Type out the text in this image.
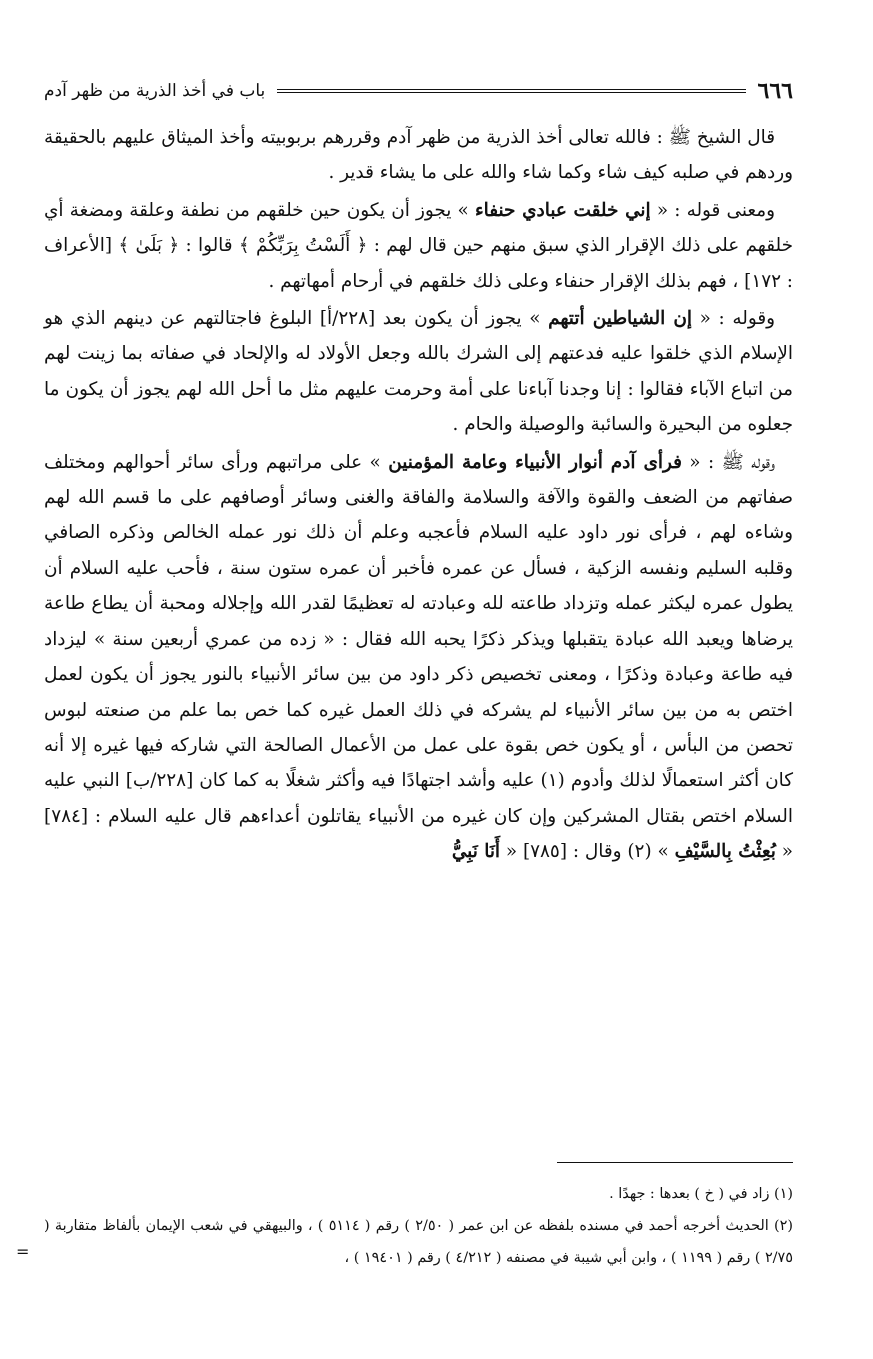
٦٦٦
باب في أخذ الذرية من ظهر آدم

قال الشيخ ﷺ : فالله تعالى أخذ الذرية من ظهر آدم وقررهم بربوبيته وأخذ الميثاق عليهم بالحقيقة وردهم في صلبه كيف شاء وكما شاء والله على ما يشاء قدير .

ومعنى قوله : « إني خلقت عبادي حنفاء » يجوز أن يكون حين خلقهم من نطفة وعلقة ومضغة أي خلقهم على ذلك الإقرار الذي سبق منهم حين قال لهم : ﴿ أَلَسْتُ بِرَبِّكُمْ ﴾ قالوا : ﴿ بَلَىٰ ﴾ [الأعراف : ١٧٢] ، فهم بذلك الإقرار حنفاء وعلى ذلك خلقهم في أرحام أمهاتهم .

وقوله : « إن الشياطين أتتهم » يجوز أن يكون بعد [٢٢٨/أ] البلوغ فاجتالتهم عن دينهم الذي هو الإسلام الذي خلقوا عليه فدعتهم إلى الشرك بالله وجعل الأولاد له والإلحاد في صفاته بما زينت لهم من اتباع الآباء فقالوا : إنا وجدنا آباءنا على أمة وحرمت عليهم مثل ما أحل الله لهم يجوز أن يكون ما جعلوه من البحيرة والسائبة والوصيلة والحام .

وقوله ﷺ : « فرأى آدم أنوار الأنبياء وعامة المؤمنين » على مراتبهم ورأى سائر أحوالهم ومختلف صفاتهم من الضعف والقوة والآفة والسلامة والفاقة والغنى وسائر أوصافهم على ما قسم الله لهم وشاءه لهم ، فرأى نور داود عليه السلام فأعجبه وعلم أن ذلك نور عمله الخالص وذكره الصافي وقلبه السليم ونفسه الزكية ، فسأل عن عمره فأخبر أن عمره ستون سنة ، فأحب عليه السلام أن يطول عمره ليكثر عمله وتزداد طاعته لله وعبادته له تعظيمًا لقدر الله وإجلاله ومحبة أن يطاع طاعة يرضاها ويعبد الله عبادة يتقبلها ويذكر ذكرًا يحبه الله فقال : « زده من عمري أربعين سنة » ليزداد فيه طاعة وعبادة وذكرًا ، ومعنى تخصيص ذكر داود من بين سائر الأنبياء بالنور يجوز أن يكون لعمل اختص به من بين سائر الأنبياء لم يشركه في ذلك العمل غيره كما خص بما علم من صنعته لبوس تحصن من البأس ، أو يكون خص بقوة على عمل من الأعمال الصالحة التي شاركه فيها غيره إلا أنه كان أكثر استعمالًا لذلك وأدوم (١) عليه وأشد اجتهادًا فيه وأكثر شغلًا به كما كان [٢٢٨/ب] النبي عليه السلام اختص بقتال المشركين وإن كان غيره من الأنبياء يقاتلون أعداءهم قال عليه السلام : [٧٨٤] « بُعِثْتُ بِالسَّيْفِ » (٢) وقال : [٧٨٥] « أَنَا نَبِيُّ

(١) زاد في ( خ ) بعدها : جهدًا .
(٢) الحديث أخرجه أحمد في مسنده بلفظه عن ابن عمر ( ٢/٥٠ ) رقم ( ٥١١٤ ) ، والبيهقي في شعب الإيمان بألفاظ متقاربة ( ٢/٧٥ ) رقم ( ١١٩٩ ) ، وابن أبي شيبة في مصنفه ( ٤/٢١٢ ) رقم ( ١٩٤٠١ ) ،
=
